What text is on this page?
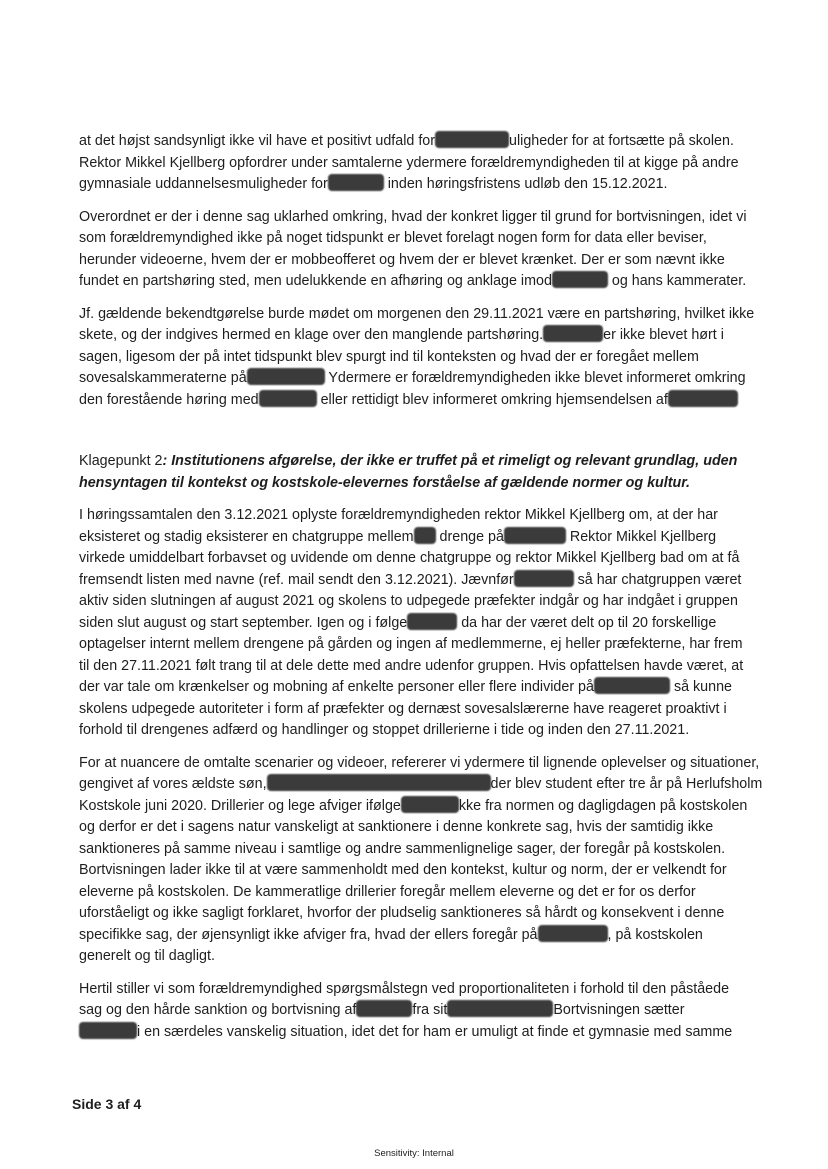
at det højst sandsynligt ikke vil have et positivt udfald for	uligheder for at fortsætte på skolen.
Rektor Mikkel Kjellberg opfordrer under samtalerne ydermere forældremyndigheden til at kigge på andre
gymnasiale uddannelsesmuligheder for	inden høringsfristens udløb den 15.12.2021.
Overordnet er der i denne sag uklarhed omkring, hvad der konkret ligger til grund for bortvisningen, idet vi
som forældremyndighed ikke på noget tidspunkt er blevet forelagt nogen form for data eller beviser,
herunder videoerne, hvem der er mobbeofferet og hvem der er blevet krænket. Der er som nævnt ikke
fundet en partshøring sted, men udelukkende en afhøring og anklage imod	og hans kammerater.
Jf. gældende bekendtgørelse burde mødet om morgenen den 29.11.2021 være en partshøring, hvilket ikke
skete, og der indgives hermed en klage over den manglende partshøring.	er ikke blevet hørt i
sagen, ligesom der på intet tidspunkt blev spurgt ind til konteksten og hvad der er foregået mellem
sovesalskammeraterne på	Ydermere er forældremyndigheden ikke blevet informeret omkring
den forestående høring med	eller rettidigt blev informeret omkring hjemsendelsen af
Klagepunkt 2: Institutionens afgørelse, der ikke er truffet på et rimeligt og relevant grundlag, uden
hensyntagen til kontekst og kostskole-elevernes forståelse af gældende normer og kultur.
I høringssamtalen den 3.12.2021 oplyste forældremyndigheden rektor Mikkel Kjellberg om, at der har
eksisteret og stadig eksisterer en chatgruppe mellem drenge på	Rektor Mikkel Kjellberg
virkede umiddelbart forbavset og uvidende om denne chatgruppe og rektor Mikkel Kjellberg bad om at få
fremsendt listen med navne (ref. mail sendt den 3.12.2021). Jævnfør	så har chatgruppen været
aktiv siden slutningen af august 2021 og skolens to udpegede præfekter indgår og har indgået i gruppen
siden slut august og start september. Igen og i følge	da har der været delt op til 20 forskellige
optagelser internt mellem drengene på gården og ingen af medlemmerne, ej heller præfekterne, har frem
til den 27.11.2021 følt trang til at dele dette med andre udenfor gruppen. Hvis opfattelsen havde været, at
der var tale om krænkelser og mobning af enkelte personer eller flere individer på	så kunne
skolens udpegede autoriteter i form af præfekter og dernæst sovesalslærerne have reageret proaktivt i
forhold til drengenes adfærd og handlinger og stoppet drillerierne i tide og inden den 27.11.2021.
For at nuancere de omtalte scenarier og videoer, refererer vi ydermere til lignende oplevelser og situationer,
gengivet af vores ældste søn,	der blev student efter tre år på Herlufsholm
Kostskole juni 2020. Drillerier og lege afviger ifølge	kke fra normen og dagligdagen på kostskolen
og derfor er det i sagens natur vanskeligt at sanktionere i denne konkrete sag, hvis der samtidig ikke
sanktioneres på samme niveau i samtlige og andre sammenlignelige sager, der foregår på kostskolen.
Bortvisningen lader ikke til at være sammenholdt med den kontekst, kultur og norm, der er velkendt for
eleverne på kostskolen. De kammeratlige drillerier foregår mellem eleverne og det er for os derfor
uforståeligt og ikke sagligt forklaret, hvorfor der pludselig sanktioneres så hårdt og konsekvent i denne
specifikke sag, der øjensynligt ikke afviger fra, hvad der ellers foregår på	, på kostskolen
generelt og til dagligt.
Hertil stiller vi som forældremyndighed spørgsmålstegn ved proportionaliteten i forhold til den påståede
sag og den hårde sanktion og bortvisning af	fra sit	Bortvisningen sætter
i en særdeles vanskelig situation, idet det for ham er umuligt at finde et gymnasie med samme
Side 3 af 4
Sensitivity: Internal
